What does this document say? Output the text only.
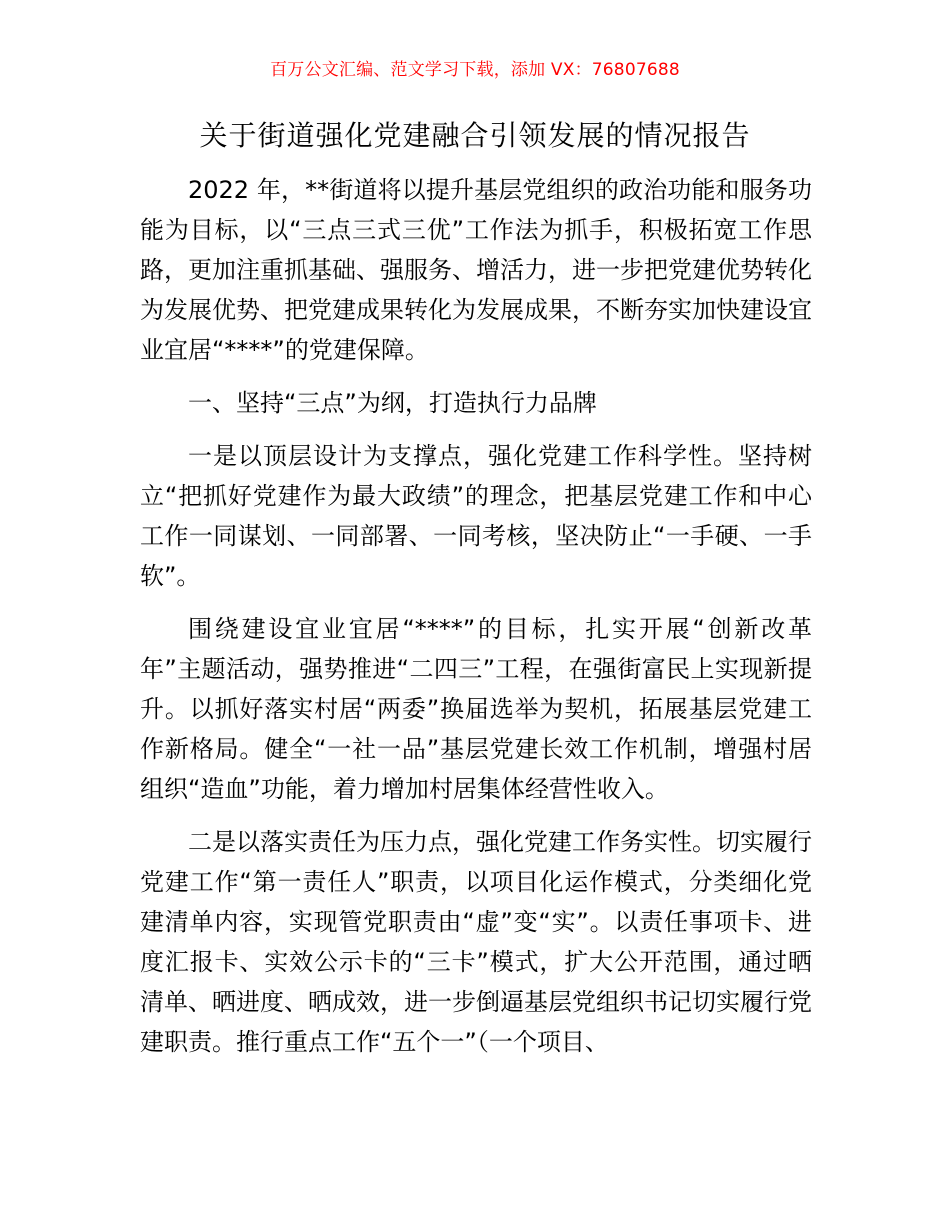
百万公文汇编、范文学习下载，添加 VX：76807688
关于街道强化党建融合引领发展的情况报告

2022 年，**街道将以提升基层党组织的政治功能和服务功能为目标，以“三点三式三优”工作法为抓手，积极拓宽工作思路，更加注重抓基础、强服务、增活力，进一步把党建优势转化为发展优势、把党建成果转化为发展成果，不断夯实加快建设宜业宜居“****”的党建保障。

一、坚持“三点”为纲，打造执行力品牌

一是以顶层设计为支撑点，强化党建工作科学性。坚持树立“把抓好党建作为最大政绩”的理念，把基层党建工作和中心工作一同谋划、一同部署、一同考核，坚决防止“一手硬、一手软”。

围绕建设宜业宜居“****”的目标，扎实开展“创新改革年”主题活动，强势推进“二四三”工程，在强街富民上实现新提升。以抓好落实村居“两委”换届选举为契机，拓展基层党建工作新格局。健全“一社一品”基层党建长效工作机制，增强村居组织“造血”功能，着力增加村居集体经营性收入。

二是以落实责任为压力点，强化党建工作务实性。切实履行党建工作“第一责任人”职责，以项目化运作模式，分类细化党建清单内容，实现管党职责由“虚”变“实”。以责任事项卡、进度汇报卡、实效公示卡的“三卡”模式，扩大公开范围，通过晒清单、晒进度、晒成效，进一步倒逼基层党组织书记切实履行党建职责。推行重点工作“五个一”（一个项目、
